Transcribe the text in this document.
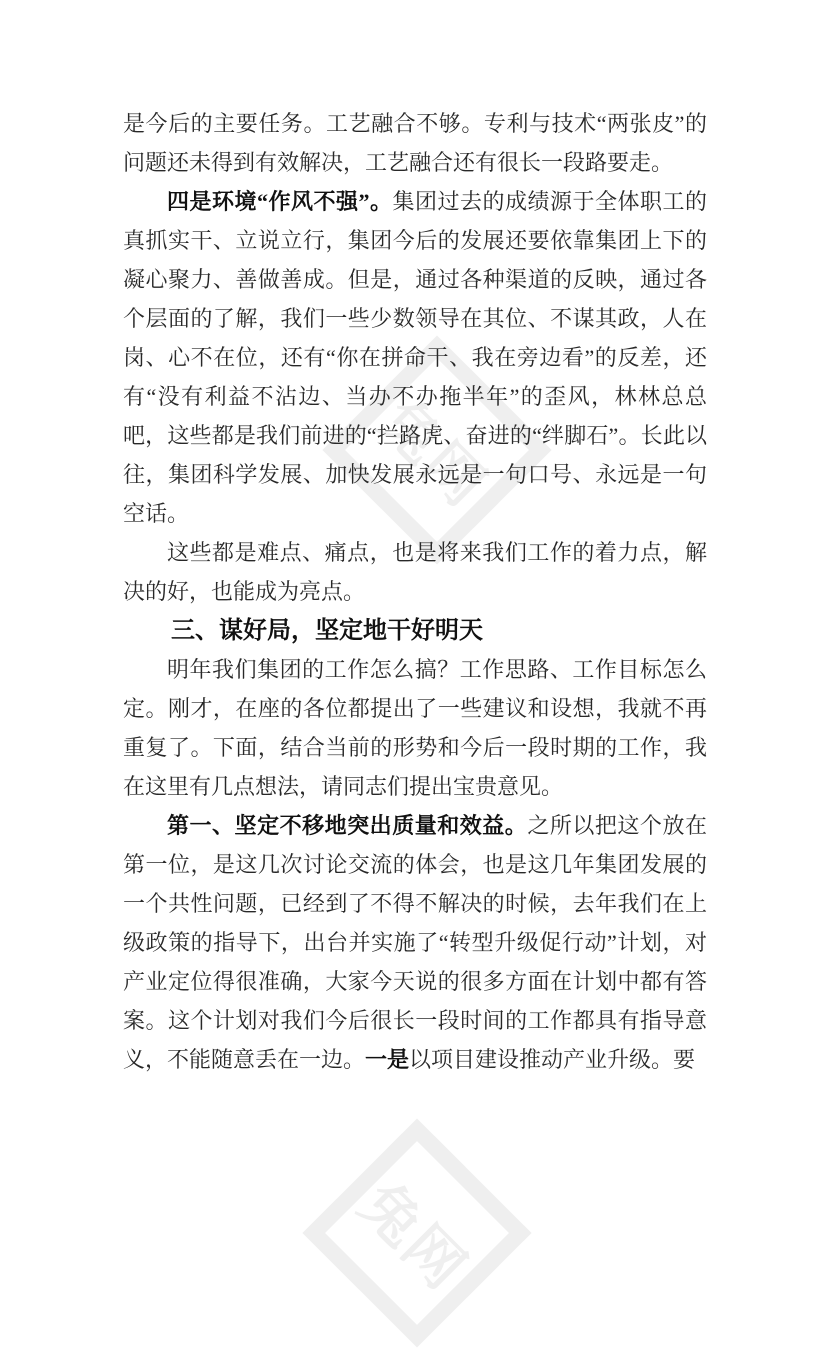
兔网
兔网

是今后的主要任务。工艺融合不够。专利与技术“两张皮”的问题还未得到有效解决，工艺融合还有很长一段路要走。

四是环境“作风不强”。集团过去的成绩源于全体职工的真抓实干、立说立行，集团今后的发展还要依靠集团上下的凝心聚力、善做善成。但是，通过各种渠道的反映，通过各个层面的了解，我们一些少数领导在其位、不谋其政，人在岗、心不在位，还有“你在拼命干、我在旁边看”的反差，还有“没有利益不沾边、当办不办拖半年”的歪风，林林总总吧，这些都是我们前进的“拦路虎、奋进的“绊脚石”。长此以往，集团科学发展、加快发展永远是一句口号、永远是一句空话。

这些都是难点、痛点，也是将来我们工作的着力点，解决的好，也能成为亮点。

三、谋好局，坚定地干好明天

明年我们集团的工作怎么搞？工作思路、工作目标怎么定。刚才，在座的各位都提出了一些建议和设想，我就不再重复了。下面，结合当前的形势和今后一段时期的工作，我在这里有几点想法，请同志们提出宝贵意见。

第一、坚定不移地突出质量和效益。之所以把这个放在第一位，是这几次讨论交流的体会，也是这几年集团发展的一个共性问题，已经到了不得不解决的时候，去年我们在上级政策的指导下，出台并实施了“转型升级促行动”计划，对产业定位得很准确，大家今天说的很多方面在计划中都有答案。这个计划对我们今后很长一段时间的工作都具有指导意义，不能随意丢在一边。一是以项目建设推动产业升级。要
